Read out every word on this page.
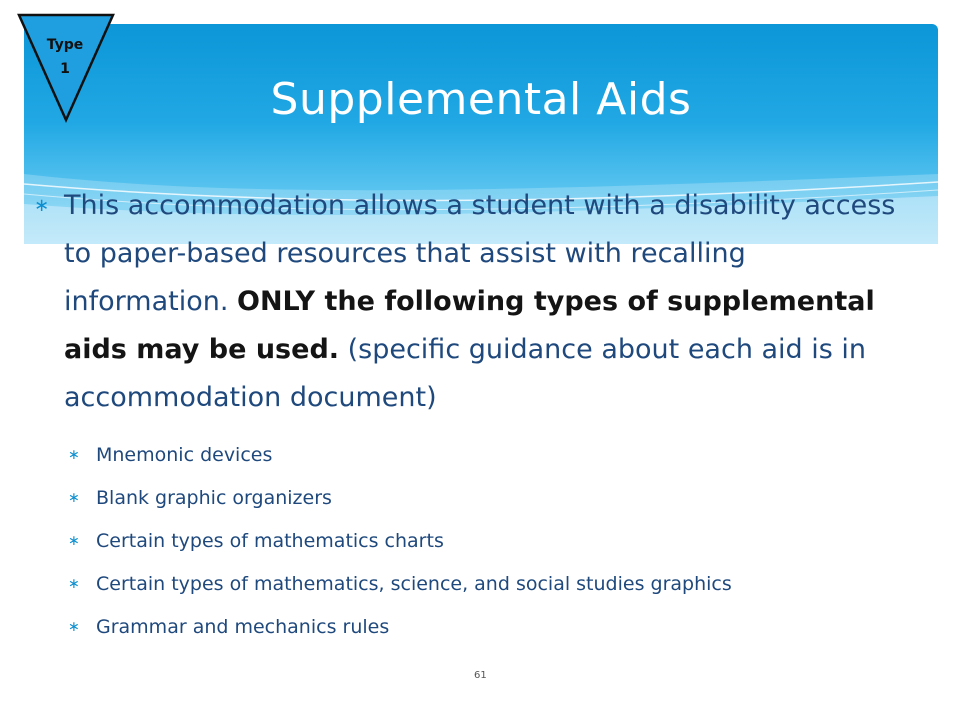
Supplemental Aids
Type
1

∗ This accommodation allows a student with a disability access to paper-based resources that assist with recalling information. ONLY the following types of supplemental aids may be used. (specific guidance about each aid is in accommodation document)

∗ Mnemonic devices
∗ Blank graphic organizers
∗ Certain types of mathematics charts
∗ Certain types of mathematics, science, and social studies graphics
∗ Grammar and mechanics rules
61
